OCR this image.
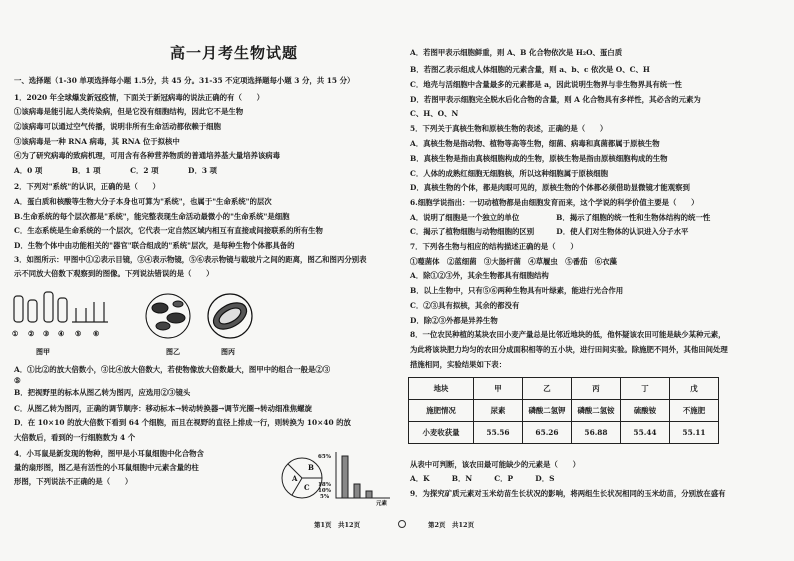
高一月考生物试题
一、选择题（1-30 单项选择每小题 1.5分，共 45 分。31-35 不定项选择题每小题 3 分，共 15 分）
1．2020 年全球爆发新冠疫情，下面关于新冠病毒的说法正确的有（　　）
①该病毒是能引起人类传染病，但是它没有细胞结构，因此它不是生物
②该病毒可以通过空气传播，说明非所有生命活动都依赖于细胞
③该病毒是一种 RNA 病毒，其 RNA 位于拟核中
④为了研究病毒的致病机理，可用含有各种营养物质的普通培养基大量培养该病毒
A．0 项　　　　B．1 项　　　　C．2 项　　　　D．3 项
2．下列对"系统"的认识，正确的是（　　）
A．蛋白质和核酸等生物大分子本身也可算为"系统"，也属于"生命系统"的层次
B.生命系统的每个层次都是"系统"，能完整表现生命活动最微小的"生命系统"是细胞
C．生态系统是生命系统的一个层次，它代表一定自然区域内相互有直接或间接联系的所有生物
D．生物个体中由功能相关的"器官"联合组成的"系统"层次，是每种生物个体都具备的
3．如图所示：甲图中①②表示目镜，③④表示物镜，⑤⑥表示物镜与载玻片之间的距离，图乙和图丙分别表
示不同放大倍数下观察到的图像。下列说法错误的是（　　）
A．①比②的放大倍数小，③比④放大倍数大，若使物像放大倍数最大，图甲中的组合一般是②③
⑤
B．把视野里的标本从图乙转为图丙，应选用②③镜头
C．从图乙转为图丙，正确的调节顺序：移动标本→转动转换器→调节光圈→转动细准焦螺旋
D．在 10×10 的放大倍数下看到 64 个细胞，而且在视野的直径上排成一行，则转换为 10×40 的放
大倍数后，看到的一行细胞数为 4 个
4．小耳鼠是新发现的物种，图甲是小耳鼠细胞中化合物含
量的扇形图，图乙是有活性的小耳鼠细胞中元素含量的柱
形图，下列说法不正确的是（　　）
① ② ③ ④ ⑤ ⑥
图甲	图乙	图丙
A
B
C
65%
18%
10%
5%
元素
第1页　共12页
A．若图甲表示细胞鲜重，则 A、B 化合物依次是 H₂O、蛋白质
B．若图乙表示组成人体细胞的元素含量，则 a、b、c 依次是 O、C、H
C．地壳与活细胞中含量最多的元素都是 a，因此说明生物界与非生物界具有统一性
D．若图甲表示细胞完全脱水后化合物的含量，则 A 化合物具有多样性，其必含的元素为
C、H、O、N
5．下列关于真核生物和原核生物的表述，正确的是（　　）
A．真核生物是指动物、植物等高等生物，细菌、病毒和真菌都属于原核生物
B．真核生物是指由真核细胞构成的生物，原核生物是指由原核细胞构成的生物
C．人体的成熟红细胞无细胞核，所以这种细胞属于原核细胞
D．真核生物的个体，都是肉眼可见的，原核生物的个体都必须借助显微镜才能观察到
6.细胞学说指出：一切动植物都是由细胞发育而来，这个学说的科学价值主要是（　　）
A．说明了细胞是一个独立的单位　　　　　B．揭示了细胞的统一性和生物体结构的统一性
C．揭示了植物细胞与动物细胞的区别　　　D．使人们对生物体的认识进入分子水平
7．下列各生物与相应的结构描述正确的是（　　）
①噬菌体　②蓝细菌　③大肠杆菌　④草履虫　⑤番茄　⑥衣藻
A．除①②③外，其余生物都具有细胞结构
B．以上生物中，只有⑤⑥两种生物具有叶绿素，能进行光合作用
C．②③具有拟核，其余的都没有
D．除②③外都是异养生物
8．一位农民种植的某块农田小麦产量总是比邻近地块的低，他怀疑该农田可能是缺少某种元素，
为此将该块肥力均匀的农田分成面积相等的五小块，进行田间实验。除施肥不同外，其他田间处理
措施相同，实验结果如下表：
地块	甲	乙	丙	丁	戊
施肥情况	尿素	磷酸二氢钾	磷酸二氢铵	硫酸铵	不施肥
小麦收获量	55.56	65.26	56.88	55.44	55.11
从表中可判断，该农田最可能缺少的元素是（　　）
A．K　　　B．N　　　C．P　　　D．S
9．为探究矿质元素对玉米幼苗生长状况的影响，将两组生长状况相同的玉米幼苗，分别放在盛有
第2页　共12页
